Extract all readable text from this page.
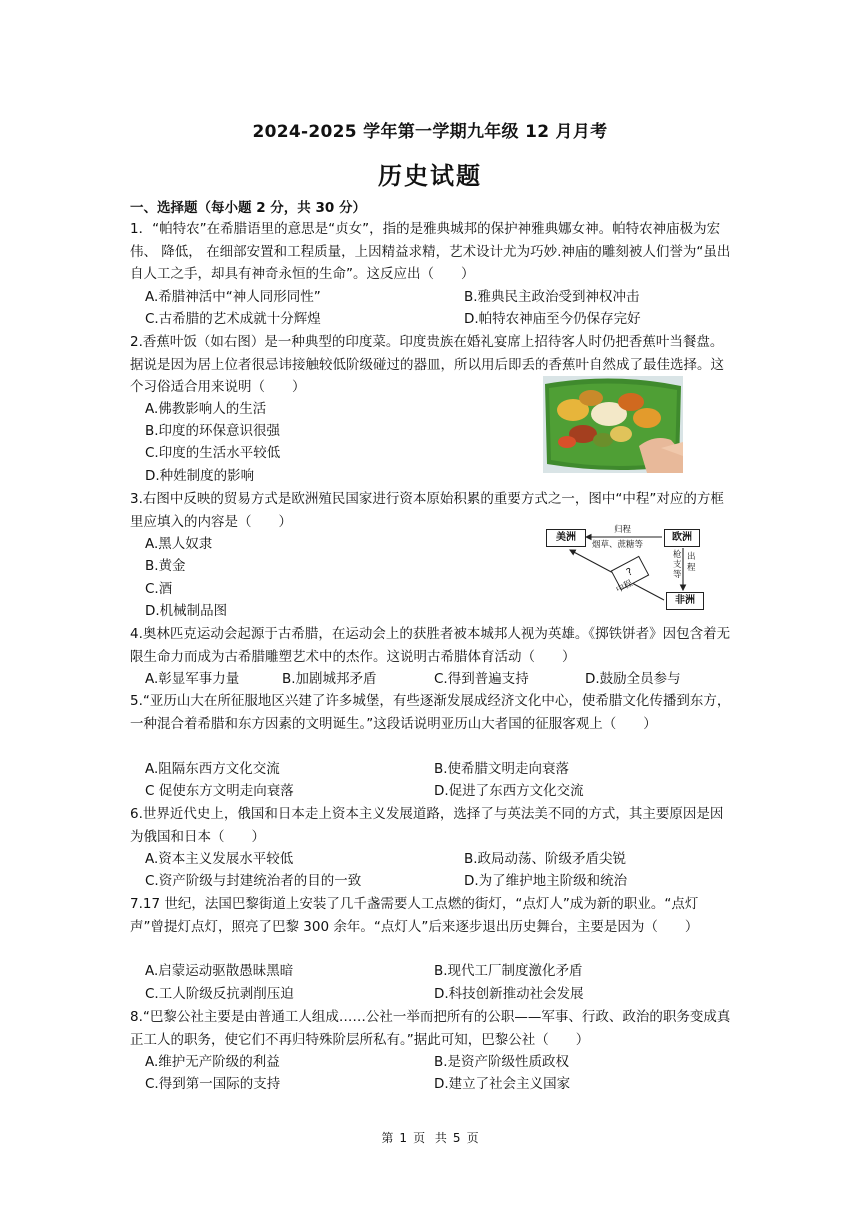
2024-2025 学年第一学期九年级 12 月月考
历史试题
一、选择题（每小题 2 分，共 30 分）
1．“帕特农”在希腊语里的意思是“贞女”，指的是雅典城邦的保护神雅典娜女神。帕特农神庙极为宏伟、 降低， 在细部安置和工程质量，上因精益求精，艺术设计尤为巧妙.神庙的雕刻被人们誉为“虽出自人工之手，却具有神奇永恒的生命”。这反应出（　　）
A.希腊神活中“神人同形同性”	B.雅典民主政治受到神权冲击
C.古希腊的艺术成就十分辉煌	D.帕特农神庙至今仍保存完好
2.香蕉叶饭（如右图）是一种典型的印度菜。印度贵族在婚礼宴席上招待客人时仍把香蕉叶当餐盘。据说是因为居上位者很忌讳接触较低阶级碰过的器皿，所以用后即丢的香蕉叶自然成了最佳选择。这个习俗适合用来说明（　　）
A.佛教影响人的生活
B.印度的环保意识很强
C.印度的生活水平较低
D.种姓制度的影响
3.右图中反映的贸易方式是欧洲殖民国家进行资本原始积累的重要方式之一，图中“中程”对应的方框里应填入的内容是（　　）
A.黑人奴隶
B.黄金
C.酒
D.机械制品图
美洲	欧洲
非洲
?
归程
烟草、蔗糖等
枪支等
出程
中程
4.奥林匹克运动会起源于古希腊，在运动会上的获胜者被本城邦人视为英雄。《掷铁饼者》因包含着无限生命力而成为古希腊雕塑艺术中的杰作。这说明古希腊体育活动（　　）
A.彰显军事力量	B.加剧城邦矛盾	C.得到普遍支持	D.鼓励全员参与
5.“亚历山大在所征服地区兴建了许多城堡，有些逐渐发展成经济文化中心，使希腊文化传播到东方，一种混合着希腊和东方因素的文明诞生。”这段话说明亚历山大者国的征服客观上（　　）
A.阻隔东西方文化交流	B.使希腊文明走向衰落
C 促使东方文明走向衰落	D.促进了东西方文化交流
6.世界近代史上，俄国和日本走上资本主义发展道路，选择了与英法美不同的方式，其主要原因是因为俄国和日本（　　）
A.资本主义发展水平较低	B.政局动荡、阶级矛盾尖锐
C.资产阶级与封建统治者的目的一致	D.为了维护地主阶级和统治
7.17 世纪，法国巴黎街道上安装了几千盏需要人工点燃的街灯，“点灯人”成为新的职业。“点灯声”曾提灯点灯，照亮了巴黎 300 余年。“点灯人”后来逐步退出历史舞台，主要是因为（　　）
A.启蒙运动驱散愚昧黑暗	B.现代工厂制度激化矛盾
C.工人阶级反抗剥削压迫	D.科技创新推动社会发展
8.“巴黎公社主要是由普通工人组成……公社一举而把所有的公职——军事、行政、政治的职务变成真正工人的职务，使它们不再归特殊阶层所私有。”据此可知，巴黎公社（　　）
A.维护无产阶级的利益	B.是资产阶级性质政权
C.得到第一国际的支持	D.建立了社会主义国家
第 1 页 共 5 页
